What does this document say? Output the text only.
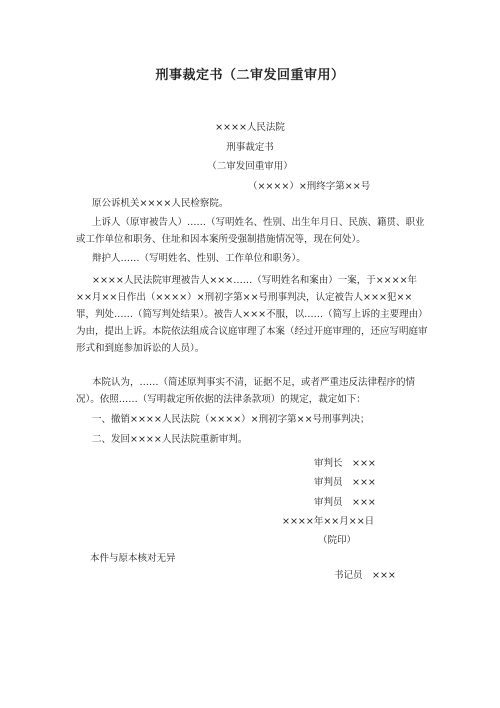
刑事裁定书（二审发回重审用）
××××人民法院
刑事裁定书
（二审发回重审用）
（××××）×刑终字第××号
原公诉机关××××人民检察院。
上诉人（原审被告人）……（写明姓名、性别、出生年月日、民族、籍贯、职业或工作单位和职务、住址和因本案所受强制措施情况等，现在何处）。
辩护人……（写明姓名、性别、工作单位和职务）。
××××人民法院审理被告人×××……（写明姓名和案由）一案，于××××年××月××日作出（××××）×刑初字第××号刑事判决，认定被告人×××犯××罪，判处……（简写判处结果）。被告人×××不服，以……（简写上诉的主要理由）为由，提出上诉。本院依法组成合议庭审理了本案（经过开庭审理的，还应写明庭审形式和到庭参加诉讼的人员）。
本院认为，……（简述原判事实不清，证据不足，或者严重违反法律程序的情况）。依照……（写明裁定所依据的法律条款项）的规定，裁定如下：
一、撤销××××人民法院（××××）×刑初字第××号刑事判决；
二、发回××××人民法院重新审判。
审判长　×××
审判员　×××
审判员　×××
××××年××月××日
（院印）
本件与原本核对无异
书记员　×××
